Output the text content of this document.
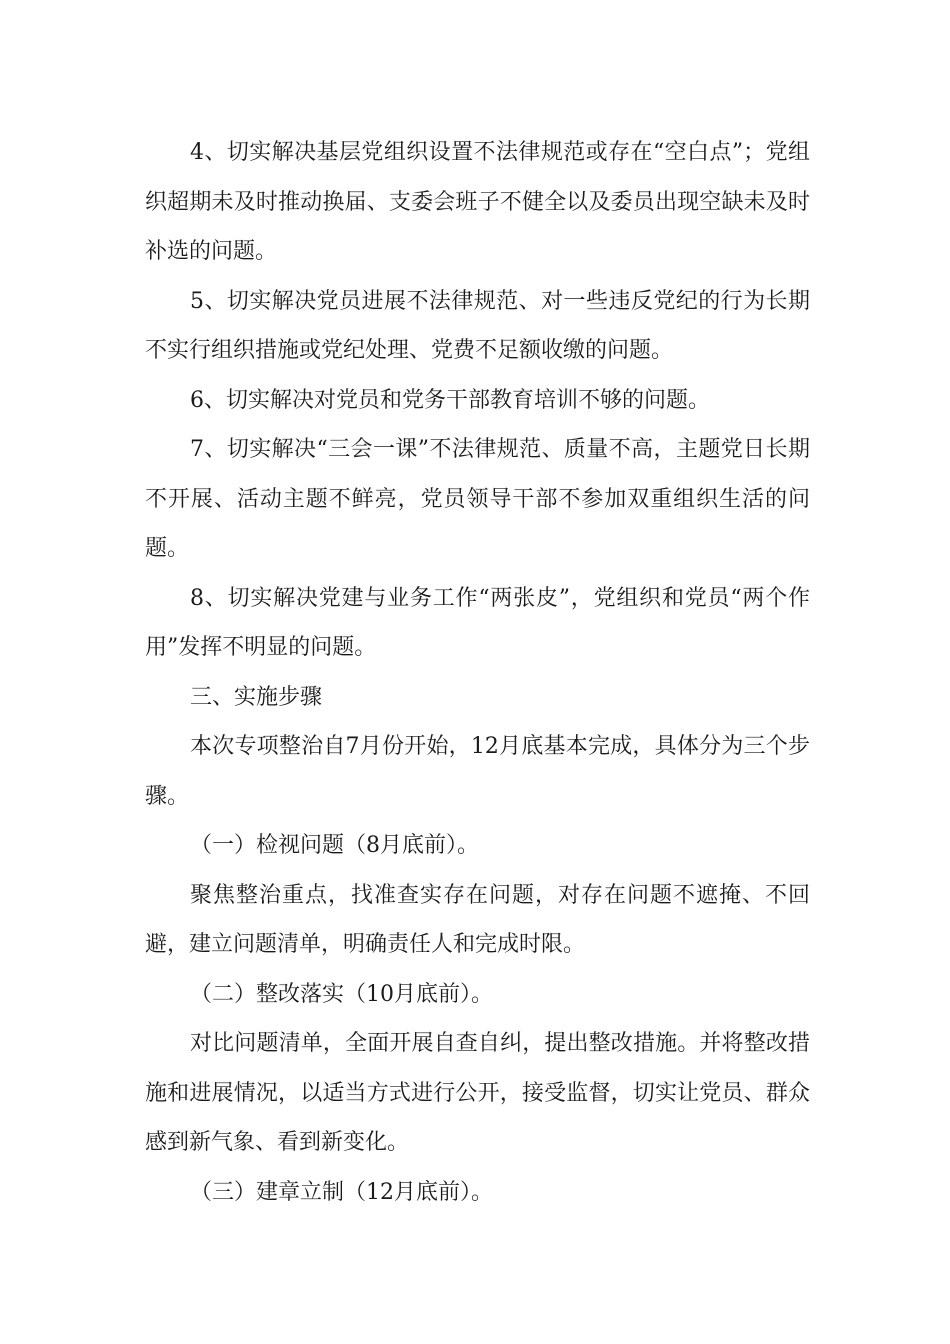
4、切实解决基层党组织设置不法律规范或存在“空白点”；党组织超期未及时推动换届、支委会班子不健全以及委员出现空缺未及时补选的问题。

5、切实解决党员进展不法律规范、对一些违反党纪的行为长期不实行组织措施或党纪处理、党费不足额收缴的问题。

6、切实解决对党员和党务干部教育培训不够的问题。

7、切实解决“三会一课”不法律规范、质量不高，主题党日长期不开展、活动主题不鲜亮，党员领导干部不参加双重组织生活的问题。

8、切实解决党建与业务工作“两张皮”，党组织和党员“两个作用”发挥不明显的问题。

三、实施步骤

本次专项整治自7月份开始，12月底基本完成，具体分为三个步骤。

（一）检视问题（8月底前）。

聚焦整治重点，找准查实存在问题，对存在问题不遮掩、不回避，建立问题清单，明确责任人和完成时限。

（二）整改落实（10月底前）。

对比问题清单，全面开展自查自纠，提出整改措施。并将整改措施和进展情况，以适当方式进行公开，接受监督，切实让党员、群众感到新气象、看到新变化。

（三）建章立制（12月底前）。
